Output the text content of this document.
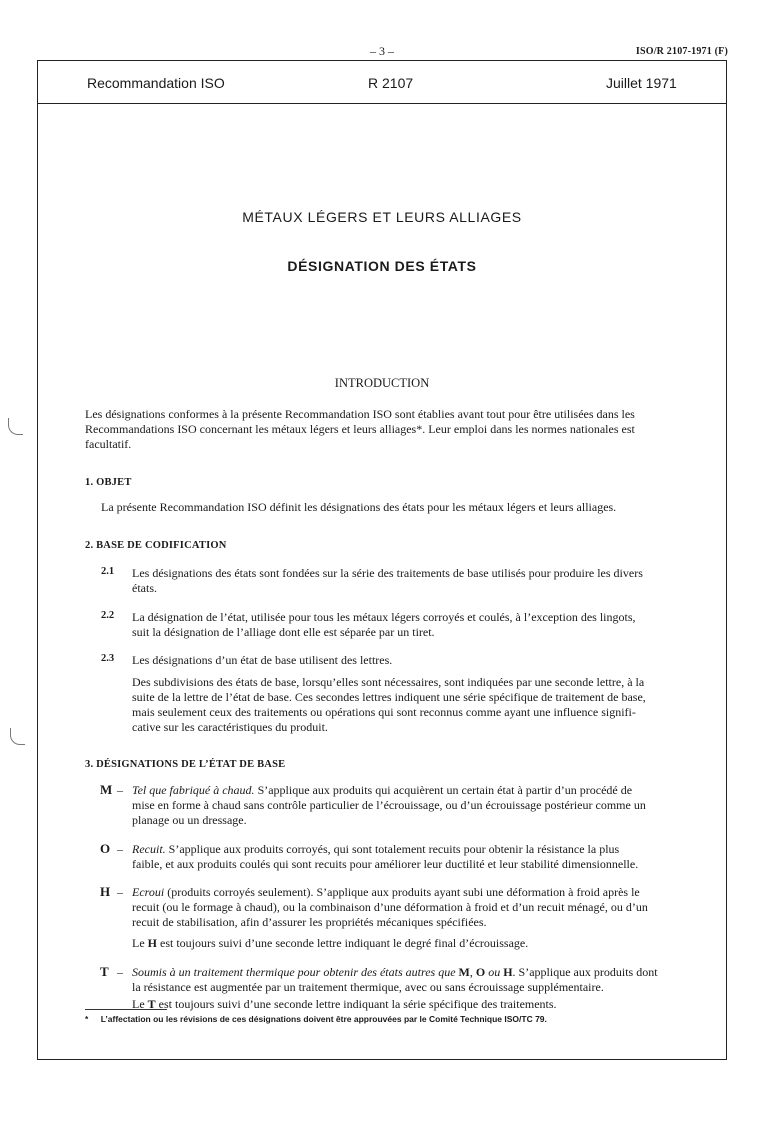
– 3 –	ISO/R 2107-1971 (F)
Recommandation ISO	R 2107	Juillet 1971
MÉTAUX LÉGERS ET LEURS ALLIAGES
DÉSIGNATION DES ÉTATS
INTRODUCTION
Les désignations conformes à la présente Recommandation ISO sont établies avant tout pour être utilisées dans les
Recommandations ISO concernant les métaux légers et leurs alliages*. Leur emploi dans les normes nationales est
facultatif.
1. OBJET
La présente Recommandation ISO définit les désignations des états pour les métaux légers et leurs alliages.
2. BASE DE CODIFICATION
2.1 Les désignations des états sont fondées sur la série des traitements de base utilisés pour produire les divers
états.
2.2 La désignation de l’état, utilisée pour tous les métaux légers corroyés et coulés, à l’exception des lingots,
suit la désignation de l’alliage dont elle est séparée par un tiret.
2.3 Les désignations d’un état de base utilisent des lettres.
Des subdivisions des états de base, lorsqu’elles sont nécessaires, sont indiquées par une seconde lettre, à la
suite de la lettre de l’état de base. Ces secondes lettres indiquent une série spécifique de traitement de base,
mais seulement ceux des traitements ou opérations qui sont reconnus comme ayant une influence signifi-
cative sur les caractéristiques du produit.
3. DÉSIGNATIONS DE L’ÉTAT DE BASE
M – Tel que fabriqué à chaud. S’applique aux produits qui acquièrent un certain état à partir d’un procédé de
mise en forme à chaud sans contrôle particulier de l’écrouissage, ou d’un écrouissage postérieur comme un
planage ou un dressage.
O – Recuit. S’applique aux produits corroyés, qui sont totalement recuits pour obtenir la résistance la plus
faible, et aux produits coulés qui sont recuits pour améliorer leur ductilité et leur stabilité dimensionnelle.
H – Ecroui (produits corroyés seulement). S’applique aux produits ayant subi une déformation à froid après le
recuit (ou le formage à chaud), ou la combinaison d’une déformation à froid et d’un recuit ménagé, ou d’un
recuit de stabilisation, afin d’assurer les propriétés mécaniques spécifiées.
Le H est toujours suivi d’une seconde lettre indiquant le degré final d’écrouissage.
T – Soumis à un traitement thermique pour obtenir des états autres que M, O ou H. S’applique aux produits dont
la résistance est augmentée par un traitement thermique, avec ou sans écrouissage supplémentaire.
Le T est toujours suivi d’une seconde lettre indiquant la série spécifique des traitements.
* L’affectation ou les révisions de ces désignations doivent être approuvées par le Comité Technique ISO/TC 79.
